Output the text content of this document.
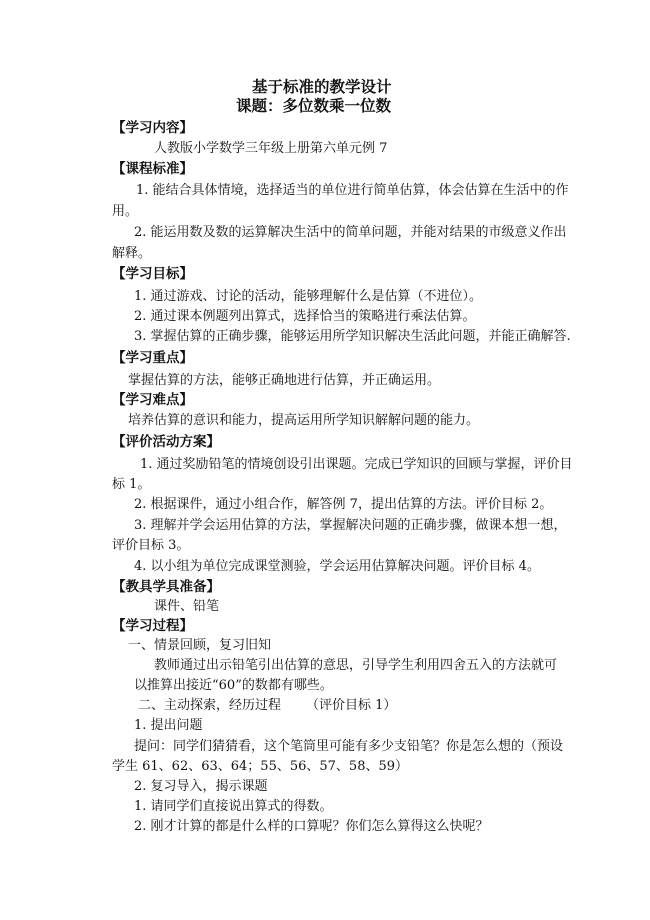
基于标准的教学设计
课题：多位数乘一位数
【学习内容】
人教版小学数学三年级上册第六单元例 7
【课程标准】
1. 能结合具体情境，选择适当的单位进行简单估算，体会估算在生活中的作
用。
2. 能运用数及数的运算解决生活中的简单问题，并能对结果的市级意义作出
解释。
【学习目标】
1. 通过游戏、讨论的活动，能够理解什么是估算（不进位）。
2. 通过课本例题列出算式，选择恰当的策略进行乘法估算。
3. 掌握估算的正确步骤，能够运用所学知识解决生活此问题，并能正确解答.
【学习重点】
掌握估算的方法，能够正确地进行估算，并正确运用。
【学习难点】
培养估算的意识和能力，提高运用所学知识解解问题的能力。
【评价活动方案】
1. 通过奖励铅笔的情境创设引出课题。完成已学知识的回顾与掌握，评价目
标 1。
2. 根据课件，通过小组合作，解答例 7，提出估算的方法。评价目标 2。
3. 理解并学会运用估算的方法，掌握解决问题的正确步骤，做课本想一想，
评价目标 3。
4. 以小组为单位完成课堂测验，学会运用估算解决问题。评价目标 4。
【教具学具准备】
课件、铅笔
【学习过程】
一、情景回顾，复习旧知
教师通过出示铅笔引出估算的意思，引导学生利用四舍五入的方法就可
以推算出接近“60”的数都有哪些。
二、主动探索，经历过程 （评价目标 1）
1. 提出问题
提问：同学们猜猜看，这个笔筒里可能有多少支铅笔？你是怎么想的（预设
学生 61、62、63、64；55、56、57、58、59）
2. 复习导入，揭示课题
1. 请同学们直接说出算式的得数。
2. 刚才计算的都是什么样的口算呢？你们怎么算得这么快呢？
